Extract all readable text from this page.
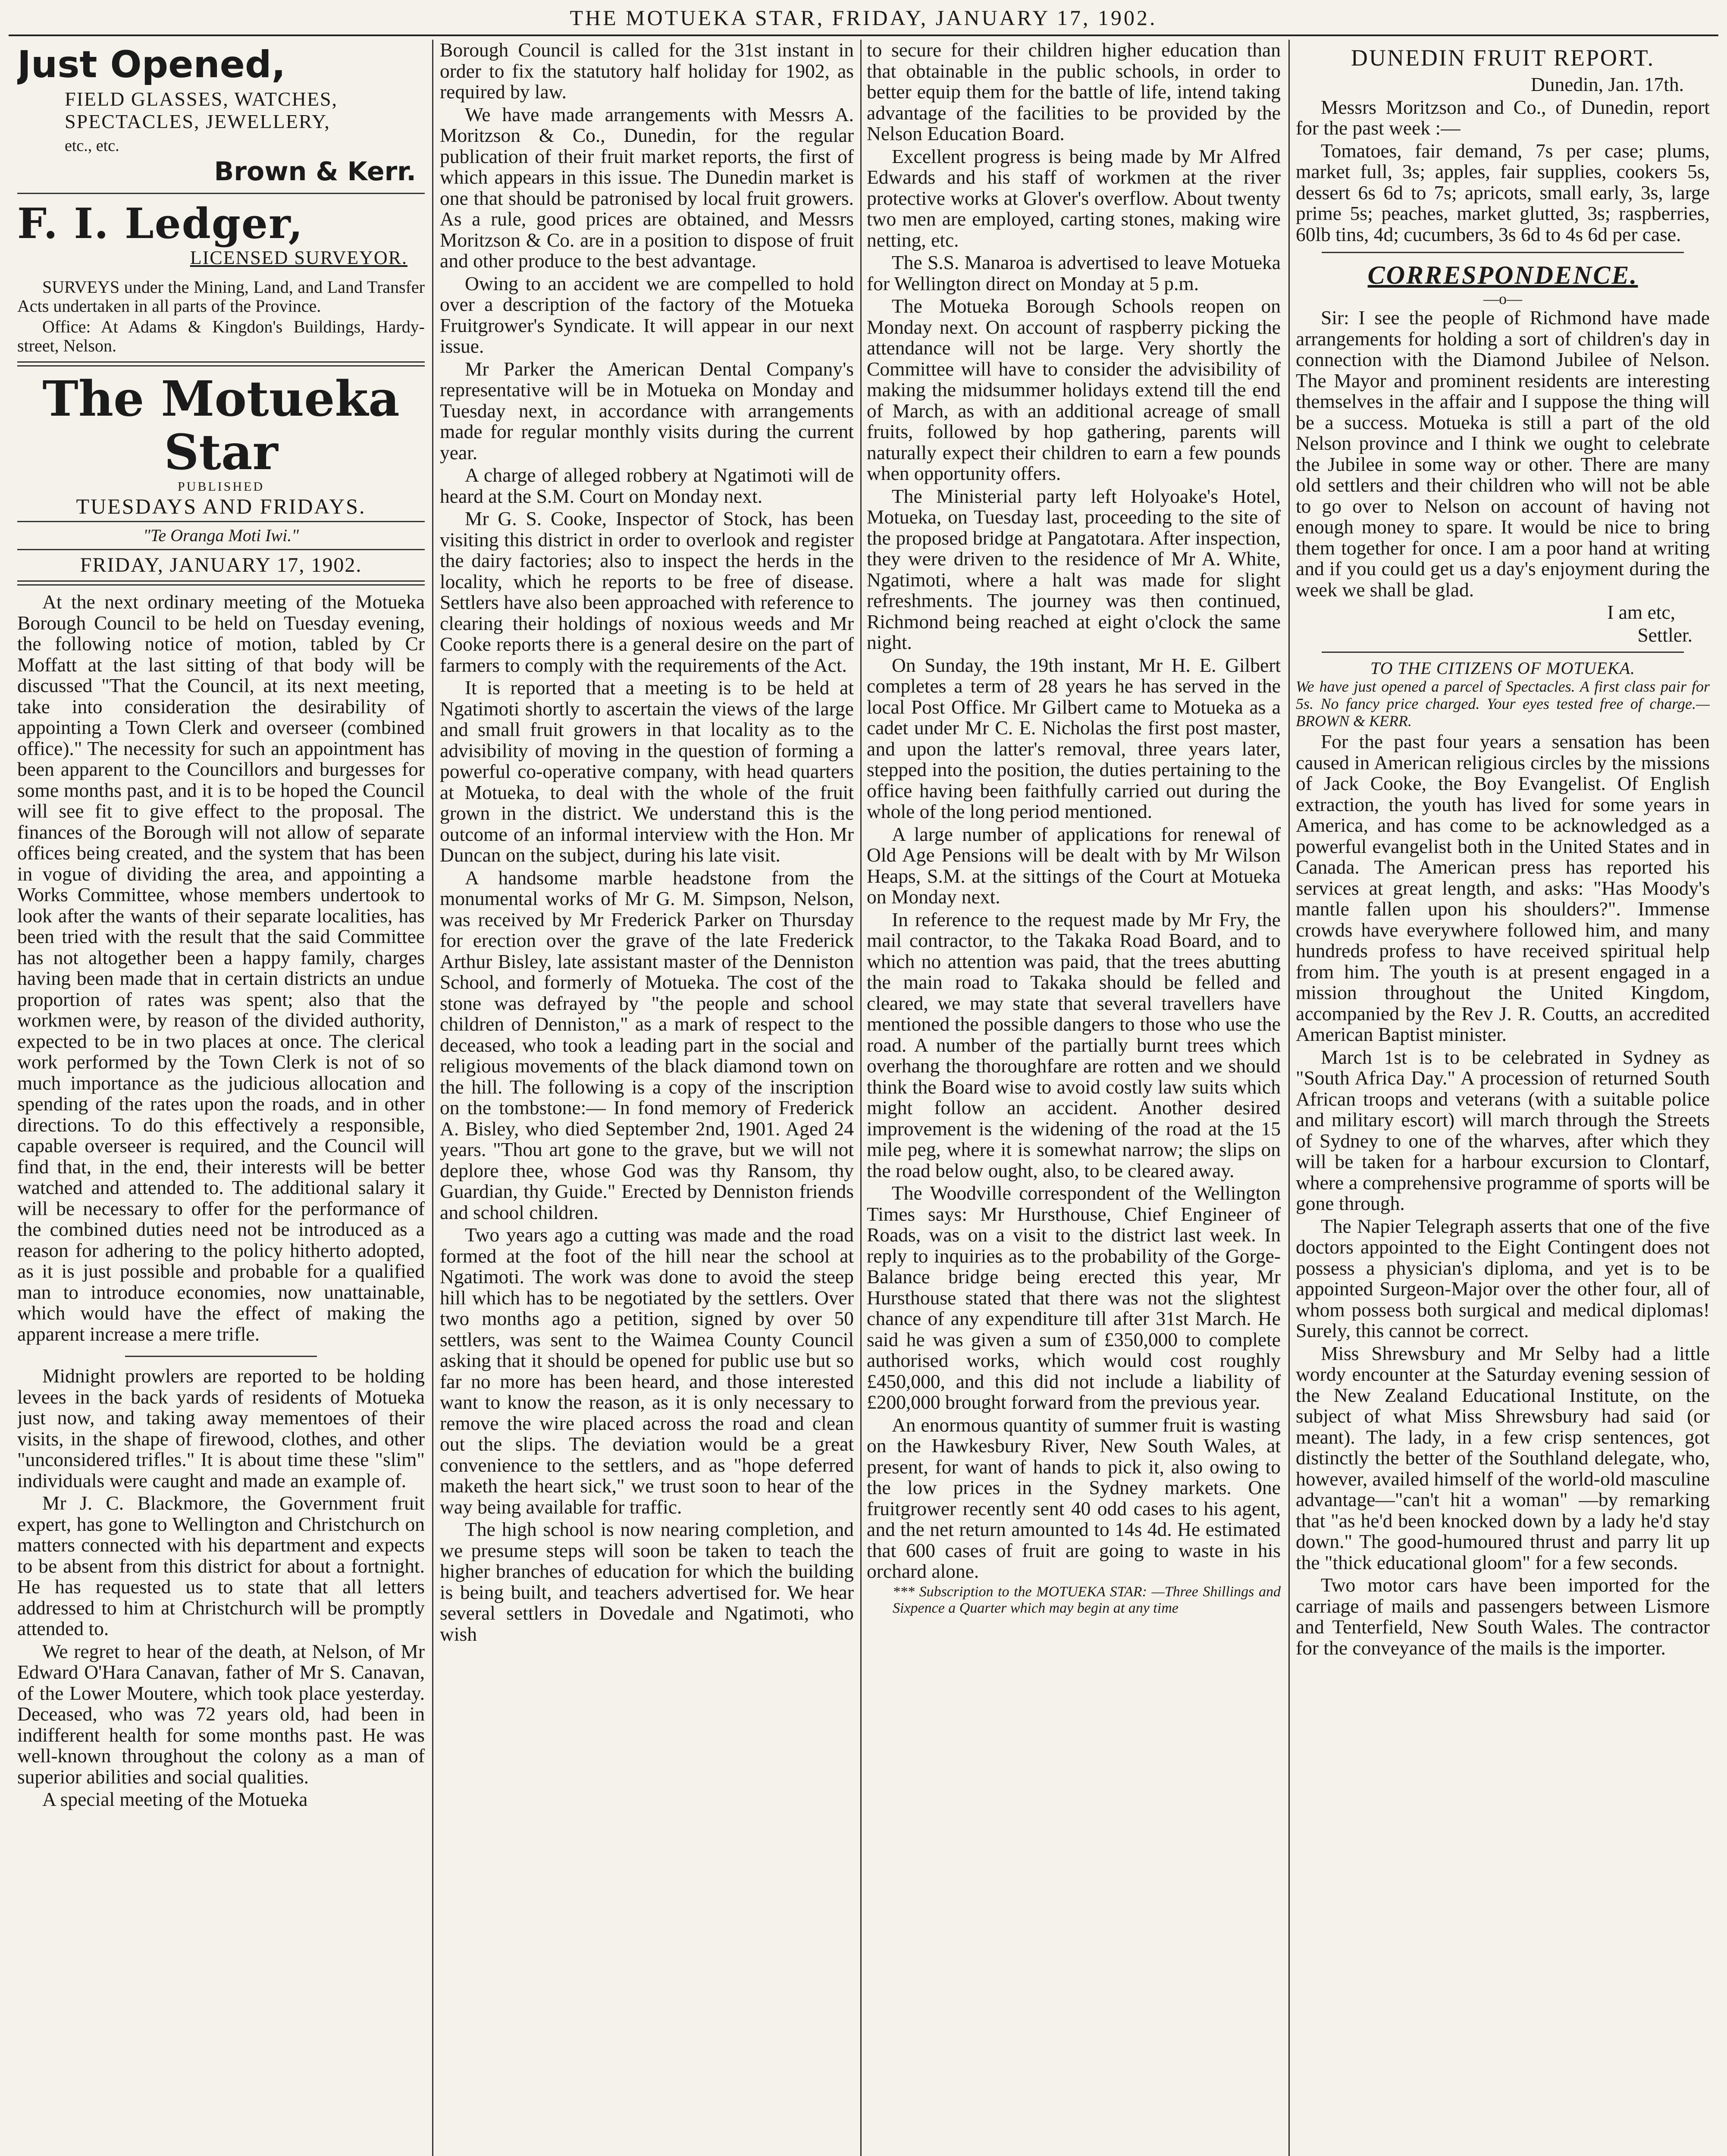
THE MOTUEKA STAR, FRIDAY, JANUARY 17, 1902.
Just Opened,
FIELD GLASSES, WATCHES,
SPECTACLES, JEWELLERY,
etc., etc.
Brown & Kerr.
F. I. Ledger,
LICENSED SURVEYOR.

SURVEYS under the Mining, Land, and Land Transfer Acts undertaken in all parts of the Province.

Office: At Adams & Kingdon's Buildings, Hardy-street, Nelson.

The Motueka Star
PUBLISHED
TUESDAYS AND FRIDAYS.
"Te Oranga Moti Iwi."
FRIDAY, JANUARY 17, 1902.

At the next ordinary meeting of the Motueka Borough Council to be held on Tuesday evening, the following notice of motion, tabled by Cr Moffatt at the last sitting of that body will be discussed "That the Council, at its next meeting, take into consideration the desirability of appointing a Town Clerk and overseer (combined office)." The necessity for such an appointment has been apparent to the Councillors and burgesses for some months past, and it is to be hoped the Council will see fit to give effect to the proposal. The finances of the Borough will not allow of separate offices being created, and the system that has been in vogue of dividing the area, and appointing a Works Committee, whose members undertook to look after the wants of their separate localities, has been tried with the result that the said Committee has not altogether been a happy family, charges having been made that in certain districts an undue proportion of rates was spent; also that the workmen were, by reason of the divided authority, expected to be in two places at once. The clerical work performed by the Town Clerk is not of so much importance as the judicious allocation and spending of the rates upon the roads, and in other directions. To do this effectively a responsible, capable overseer is required, and the Council will find that, in the end, their interests will be better watched and attended to. The additional salary it will be necessary to offer for the performance of the combined duties need not be introduced as a reason for adhering to the policy hitherto adopted, as it is just possible and probable for a qualified man to introduce economies, now unattainable, which would have the effect of making the apparent increase a mere trifle.

Midnight prowlers are reported to be holding levees in the back yards of residents of Motueka just now, and taking away mementoes of their visits, in the shape of firewood, clothes, and other "unconsidered trifles." It is about time these "slim" individuals were caught and made an example of.

Mr J. C. Blackmore, the Government fruit expert, has gone to Wellington and Christchurch on matters connected with his department and expects to be absent from this district for about a fortnight. He has requested us to state that all letters addressed to him at Christchurch will be promptly attended to.

We regret to hear of the death, at Nelson, of Mr Edward O'Hara Canavan, father of Mr S. Canavan, of the Lower Moutere, which took place yesterday. Deceased, who was 72 years old, had been in indifferent health for some months past. He was well-known throughout the colony as a man of superior abilities and social qualities.

A special meeting of the Motueka

Borough Council is called for the 31st instant in order to fix the statutory half holiday for 1902, as required by law.

We have made arrangements with Messrs A. Moritzson & Co., Dunedin, for the regular publication of their fruit market reports, the first of which appears in this issue. The Dunedin market is one that should be patronised by local fruit growers. As a rule, good prices are obtained, and Messrs Moritzson & Co. are in a position to dispose of fruit and other produce to the best advantage.

Owing to an accident we are compelled to hold over a description of the factory of the Motueka Fruitgrower's Syndicate. It will appear in our next issue.

Mr Parker the American Dental Company's representative will be in Motueka on Monday and Tuesday next, in accordance with arrangements made for regular monthly visits during the current year.

A charge of alleged robbery at Ngatimoti will de heard at the S.M. Court on Monday next.

Mr G. S. Cooke, Inspector of Stock, has been visiting this district in order to overlook and register the dairy factories; also to inspect the herds in the locality, which he reports to be free of disease. Settlers have also been approached with reference to clearing their holdings of noxious weeds and Mr Cooke reports there is a general desire on the part of farmers to comply with the requirements of the Act.

It is reported that a meeting is to be held at Ngatimoti shortly to ascertain the views of the large and small fruit growers in that locality as to the advisibility of moving in the question of forming a powerful co-operative company, with head quarters at Motueka, to deal with the whole of the fruit grown in the district. We understand this is the outcome of an informal interview with the Hon. Mr Duncan on the subject, during his late visit.

A handsome marble headstone from the monumental works of Mr G. M. Simpson, Nelson, was received by Mr Frederick Parker on Thursday for erection over the grave of the late Frederick Arthur Bisley, late assistant master of the Denniston School, and formerly of Motueka. The cost of the stone was defrayed by "the people and school children of Denniston," as a mark of respect to the deceased, who took a leading part in the social and religious movements of the black diamond town on the hill. The following is a copy of the inscription on the tombstone:— In fond memory of Frederick A. Bisley, who died September 2nd, 1901. Aged 24 years. "Thou art gone to the grave, but we will not deplore thee, whose God was thy Ransom, thy Guardian, thy Guide." Erected by Denniston friends and school children.

Two years ago a cutting was made and the road formed at the foot of the hill near the school at Ngatimoti. The work was done to avoid the steep hill which has to be negotiated by the settlers. Over two months ago a petition, signed by over 50 settlers, was sent to the Waimea County Council asking that it should be opened for public use but so far no more has been heard, and those interested want to know the reason, as it is only necessary to remove the wire placed across the road and clean out the slips. The deviation would be a great convenience to the settlers, and as "hope deferred maketh the heart sick," we trust soon to hear of the way being available for traffic.

The high school is now nearing completion, and we presume steps will soon be taken to teach the higher branches of education for which the building is being built, and teachers advertised for. We hear several settlers in Dovedale and Ngatimoti, who wish

to secure for their children higher education than that obtainable in the public schools, in order to better equip them for the battle of life, intend taking advantage of the facilities to be provided by the Nelson Education Board.

Excellent progress is being made by Mr Alfred Edwards and his staff of workmen at the river protective works at Glover's overflow. About twenty two men are employed, carting stones, making wire netting, etc.

The S.S. Manaroa is advertised to leave Motueka for Wellington direct on Monday at 5 p.m.

The Motueka Borough Schools reopen on Monday next. On account of raspberry picking the attendance will not be large. Very shortly the Committee will have to consider the advisibility of making the midsummer holidays extend till the end of March, as with an additional acreage of small fruits, followed by hop gathering, parents will naturally expect their children to earn a few pounds when opportunity offers.

The Ministerial party left Holyoake's Hotel, Motueka, on Tuesday last, proceeding to the site of the proposed bridge at Pangatotara. After inspection, they were driven to the residence of Mr A. White, Ngatimoti, where a halt was made for slight refreshments. The journey was then continued, Richmond being reached at eight o'clock the same night.

On Sunday, the 19th instant, Mr H. E. Gilbert completes a term of 28 years he has served in the local Post Office. Mr Gilbert came to Motueka as a cadet under Mr C. E. Nicholas the first post master, and upon the latter's removal, three years later, stepped into the position, the duties pertaining to the office having been faithfully carried out during the whole of the long period mentioned.

A large number of applications for renewal of Old Age Pensions will be dealt with by Mr Wilson Heaps, S.M. at the sittings of the Court at Motueka on Monday next.

In reference to the request made by Mr Fry, the mail contractor, to the Takaka Road Board, and to which no attention was paid, that the trees abutting the main road to Takaka should be felled and cleared, we may state that several travellers have mentioned the possible dangers to those who use the road. A number of the partially burnt trees which overhang the thoroughfare are rotten and we should think the Board wise to avoid costly law suits which might follow an accident. Another desired improvement is the widening of the road at the 15 mile peg, where it is somewhat narrow; the slips on the road below ought, also, to be cleared away.

The Woodville correspondent of the Wellington Times says: Mr Hursthouse, Chief Engineer of Roads, was on a visit to the district last week. In reply to inquiries as to the probability of the Gorge-Balance bridge being erected this year, Mr Hursthouse stated that there was not the slightest chance of any expenditure till after 31st March. He said he was given a sum of £350,000 to complete authorised works, which would cost roughly £450,000, and this did not include a liability of £200,000 brought forward from the previous year.

An enormous quantity of summer fruit is wasting on the Hawkesbury River, New South Wales, at present, for want of hands to pick it, also owing to the low prices in the Sydney markets. One fruitgrower recently sent 40 odd cases to his agent, and the net return amounted to 14s 4d. He estimated that 600 cases of fruit are going to waste in his orchard alone.

*** Subscription to the MOTUEKA STAR: —Three Shillings and Sixpence a Quarter which may begin at any time

DUNEDIN FRUIT REPORT.

Dunedin, Jan. 17th.

Messrs Moritzson and Co., of Dunedin, report for the past week :—

Tomatoes, fair demand, 7s per case; plums, market full, 3s; apples, fair supplies, cookers 5s, dessert 6s 6d to 7s; apricots, small early, 3s, large prime 5s; peaches, market glutted, 3s; raspberries, 60lb tins, 4d; cucumbers, 3s 6d to 4s 6d per case.

CORRESPONDENCE.
—o—

Sir: I see the people of Richmond have made arrangements for holding a sort of children's day in connection with the Diamond Jubilee of Nelson. The Mayor and prominent residents are interesting themselves in the affair and I suppose the thing will be a success. Motueka is still a part of the old Nelson province and I think we ought to celebrate the Jubilee in some way or other. There are many old settlers and their children who will not be able to go over to Nelson on account of having not enough money to spare. It would be nice to bring them together for once. I am a poor hand at writing and if you could get us a day's enjoyment during the week we shall be glad.

I am etc,

Settler.

TO THE CITIZENS OF MOTUEKA.

We have just opened a parcel of Spectacles. A first class pair for 5s. No fancy price charged. Your eyes tested free of charge.—BROWN & KERR.

For the past four years a sensation has been caused in American religious circles by the missions of Jack Cooke, the Boy Evangelist. Of English extraction, the youth has lived for some years in America, and has come to be acknowledged as a powerful evangelist both in the United States and in Canada. The American press has reported his services at great length, and asks: "Has Moody's mantle fallen upon his shoulders?". Immense crowds have everywhere followed him, and many hundreds profess to have received spiritual help from him. The youth is at present engaged in a mission throughout the United Kingdom, accompanied by the Rev J. R. Coutts, an accredited American Baptist minister.

March 1st is to be celebrated in Sydney as "South Africa Day." A procession of returned South African troops and veterans (with a suitable police and military escort) will march through the Streets of Sydney to one of the wharves, after which they will be taken for a harbour excursion to Clontarf, where a comprehensive programme of sports will be gone through.

The Napier Telegraph asserts that one of the five doctors appointed to the Eight Contingent does not possess a physician's diploma, and yet is to be appointed Surgeon-Major over the other four, all of whom possess both surgical and medical diplomas! Surely, this cannot be correct.

Miss Shrewsbury and Mr Selby had a little wordy encounter at the Saturday evening session of the New Zealand Educational Institute, on the subject of what Miss Shrewsbury had said (or meant). The lady, in a few crisp sentences, got distinctly the better of the Southland delegate, who, however, availed himself of the world-old masculine advantage—"can't hit a woman" —by remarking that "as he'd been knocked down by a lady he'd stay down." The good-humoured thrust and parry lit up the "thick educational gloom" for a few seconds.

Two motor cars have been imported for the carriage of mails and passengers between Lismore and Tenterfield, New South Wales. The contractor for the conveyance of the mails is the importer.
